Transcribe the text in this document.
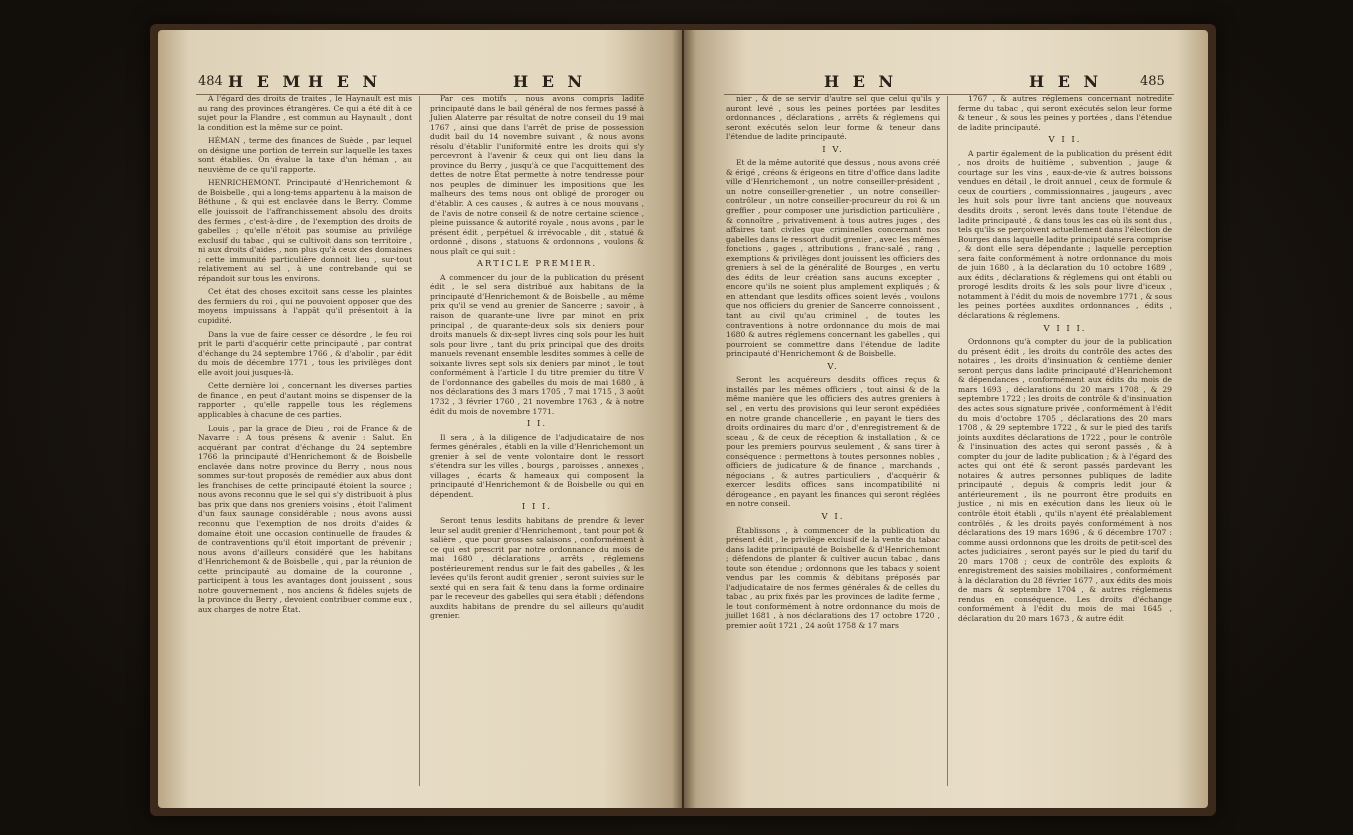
484 H E M H E N	H E N

A l'égard des droits de traites , le Haynault est mis au rang des provinces étrangères. Ce qui a été dit à ce sujet pour la Flandre , est commun au Haynault , dont la condition est la même sur ce point.

HÉMAN , terme des finances de Suède , par lequel on désigne une portion de terrein sur laquelle les taxes sont établies. On évalue la taxe d'un héman , au neuvième de ce qu'il rapporte.

HENRICHEMONT. Principauté d'Henrichemont & de Boisbelle , qui a long-tems appartenu à la maison de Béthune , & qui est enclavée dans le Berry. Comme elle jouissoit de l'affranchissement absolu des droits des fermes , c'est-à-dire , de l'exemption des droits de gabelles ; qu'elle n'étoit pas soumise au privilége exclusif du tabac , qui se cultivoit dans son territoire , ni aux droits d'aides , non plus qu'à ceux des domaines ; cette immunité particulière donnoit lieu , sur-tout relativement au sel , à une contrebande qui se répandoit sur tous les environs.

Cet état des choses excitoit sans cesse les plaintes des fermiers du roi , qui ne pouvoient opposer que des moyens impuissans à l'appât qu'il présentoit à la cupidité.

Dans la vue de faire cesser ce désordre , le feu roi prit le parti d'acquérir cette principauté , par contrat d'échange du 24 septembre 1766 , & d'abolir , par édit du mois de décembre 1771 , tous les privilèges dont elle avoit joui jusques-là.

Cette dernière loi , concernant les diverses parties de finance , en peut d'autant moins se dispenser de la rapporter , qu'elle rappelle tous les réglemens applicables à chacune de ces parties.

Louis , par la grace de Dieu , roi de France & de Navarre : A tous présens & avenir : Salut. En acquérant par contrat d'échange du 24 septembre 1766 la principauté d'Henrichemont & de Boisbelle enclavée dans notre province du Berry , nous nous sommes sur-tout proposés de remédier aux abus dont les franchises de cette principauté étoient la source ; nous avons reconnu que le sel qui s'y distribuoit à plus bas prix que dans nos greniers voisins , étoit l'aliment d'un faux saunage considérable ; nous avons aussi reconnu que l'exemption de nos droits d'aides & domaine étoit une occasion continuelle de fraudes & de contraventions qu'il étoit important de prévenir ; nous avons d'ailleurs considéré que les habitans d'Henrichemont & de Boisbelle , qui , par la réunion de cette principauté au domaine de la couronne , participent à tous les avantages dont jouissent , sous notre gouvernement , nos anciens & fidèles sujets de la province du Berry , devoient contribuer comme eux , aux charges de notre État.

Par ces motifs , nous avons compris ladite principauté dans le bail général de nos fermes passé à Julien Alaterre par résultat de notre conseil du 19 mai 1767 , ainsi que dans l'arrêt de prise de possession dudit bail du 14 novembre suivant , & nous avons résolu d'établir l'uniformité entre les droits qui s'y percevront à l'avenir & ceux qui ont lieu dans la province du Berry , jusqu'à ce que l'acquittement des dettes de notre État permette à notre tendresse pour nos peuples de diminuer les impositions que les malheurs des tems nous ont obligé de proroger ou d'établir. A ces causes , & autres à ce nous mouvans , de l'avis de notre conseil & de notre certaine science , pleine puissance & autorité royale , nous avons , par le présent édit , perpétuel & irrévocable , dit , statué & ordonné , disons , statuons & ordonnons , voulons & nous plaît ce qui suit :

ARTICLE PREMIER.

A commencer du jour de la publication du présent édit , le sel sera distribué aux habitans de la principauté d'Henrichemont & de Boisbelle , au même prix qu'il se vend au grenier de Sancerre ; savoir , à raison de quarante-une livre par minot en prix principal , de quarante-deux sols six deniers pour droits manuels & dix-sept livres cinq sols pour les huit sols pour livre , tant du prix principal que des droits manuels revenant ensemble lesdites sommes à celle de soixante livres sept sols six deniers par minot , le tout conformément à l'article I du titre premier du titre V de l'ordonnance des gabelles du mois de mai 1680 , à nos déclarations des 3 mars 1705 , 7 mai 1715 , 3 août 1732 , 3 février 1760 , 21 novembre 1763 , & à notre édit du mois de novembre 1771.

I I.

Il sera , à la diligence de l'adjudicataire de nos fermes générales , établi en la ville d'Henrichemont un grenier à sel de vente volontaire dont le ressort s'étendra sur les villes , bourgs , paroisses , annexes , villages , écarts & hameaux qui composent la principauté d'Henrichemont & de Boisbelle ou qui en dépendent.

I I I.

Seront tenus lesdits habitans de prendre & lever leur sel audit grenier d'Henrichemont , tant pour pot & salière , que pour grosses salaisons , conformément à ce qui est prescrit par notre ordonnance du mois de mai 1680 , déclarations , arrêts , réglemens postérieurement rendus sur le fait des gabelles , & les levées qu'ils feront audit grenier , seront suivies sur le sexté qui en sera fait & tenu dans la forme ordinaire par le receveur des gabelles qui sera établi ; défendons auxdits habitans de prendre du sel ailleurs qu'audit grenier.

H E N	H E N	485

nier , & de se servir d'autre sel que celui qu'ils y auront levé , sous les peines portées par lesdites ordonnances , déclarations , arrêts & réglemens qui seront exécutés selon leur forme & teneur dans l'étendue de ladite principauté.

I V.

Et de la même autorité que dessus , nous avons créé & érigé , créons & érigeons en titre d'office dans ladite ville d'Henrichemont , un notre conseiller-président , un notre conseiller-grenetier , un notre conseiller-contrôleur , un notre conseiller-procureur du roi & un greffier , pour composer une jurisdiction particulière , & connoître , privativement à tous autres juges , des affaires tant civiles que criminelles concernant nos gabelles dans le ressort dudit grenier , avec les mêmes fonctions , gages , attributions , franc-salé , rang , exemptions & privilèges dont jouissent les officiers des greniers à sel de la généralité de Bourges , en vertu des édits de leur création sans aucuns excepter , encore qu'ils ne soient plus amplement expliqués ; & en attendant que lesdits offices soient levés , voulons que nos officiers du grenier de Sancerre connoissent , tant au civil qu'au criminel , de toutes les contraventions à notre ordonnance du mois de mai 1680 & autres réglemens concernant les gabelles , qui pourroient se commettre dans l'étendue de ladite principauté d'Henrichemont & de Boisbelle.

V.

Seront les acquéreurs desdits offices reçus & installés par les mêmes officiers , tout ainsi & de la même manière que les officiers des autres greniers à sel , en vertu des provisions qui leur seront expédiées en notre grande chancellerie , en payant le tiers des droits ordinaires du marc d'or , d'enregistrement & de sceau , & de ceux de réception & installation , & ce pour les premiers pourvus seulement , & sans tirer à conséquence : permettons à toutes personnes nobles , officiers de judicature & de finance , marchands , négocians , & autres particuliers , d'acquérir & exercer lesdits offices sans incompatibilité ni dérogeance , en payant les finances qui seront réglées en notre conseil.

V I.

Établissons , à commencer de la publication du présent édit , le privilège exclusif de la vente du tabac dans ladite principauté de Boisbelle & d'Henrichemont ; défendons de planter & cultiver aucun tabac , dans toute son étendue ; ordonnons que les tabacs y soient vendus par les commis & débitans préposés par l'adjudicataire de nos fermes générales & de celles du tabac , au prix fixés par les provinces de ladite ferme , le tout conformément à notre ordonnance du mois de juillet 1681 , à nos déclarations des 17 octobre 1720 , premier août 1721 , 24 août 1758 & 17 mars

1767 , & autres réglemens concernant notredite ferme du tabac , qui seront exécutés selon leur forme & teneur , & sous les peines y portées , dans l'étendue de ladite principauté.

V I I.

A partir également de la publication du présent édit , nos droits de huitième , subvention , jauge & courtage sur les vins , eaux-de-vie & autres boissons vendues en détail , le droit annuel , ceux de formule & ceux de courtiers , commissionnaires , jaugeurs , avec les huit sols pour livre tant anciens que nouveaux desdits droits , seront levés dans toute l'étendue de ladite principauté , & dans tous les cas où ils sont dus , tels qu'ils se perçoivent actuellement dans l'élection de Bourges dans laquelle ladite principauté sera comprise , & dont elle sera dépendante ; laquelle perception sera faite conformément à notre ordonnance du mois de juin 1680 , à la déclaration du 10 octobre 1689 , aux édits , déclarations & réglemens qui ont établi ou prorogé lesdits droits & les sols pour livre d'iceux , notamment à l'édit du mois de novembre 1771 , & sous les peines portées auxdites ordonnances , édits , déclarations & réglemens.

V I I I.

Ordonnons qu'à compter du jour de la publication du présent édit , les droits du contrôle des actes des notaires , les droits d'insinuation & centième denier seront perçus dans ladite principauté d'Henrichemont & dépendances , conformément aux édits du mois de mars 1693 , déclarations du 20 mars 1708 , & 29 septembre 1722 ; les droits de contrôle & d'insinuation des actes sous signature privée , conformément à l'édit du mois d'octobre 1705 , déclarations des 20 mars 1708 , & 29 septembre 1722 , & sur le pied des tarifs joints auxdites déclarations de 1722 , pour le contrôle & l'insinuation des actes qui seront passés , & à compter du jour de ladite publication ; & à l'égard des actes qui ont été & seront passés pardevant les notaires & autres personnes publiques de ladite principauté , depuis & compris ledit jour & antérieurement , ils ne pourront être produits en justice , ni mis en exécution dans les lieux où le contrôle étoit établi , qu'ils n'ayent été préalablement contrôlés , & les droits payés conformément à nos déclarations des 19 mars 1696 , & 6 décembre 1707 : comme aussi ordonnons que les droits de petit-scel des actes judiciaires , seront payés sur le pied du tarif du 20 mars 1708 ; ceux de contrôle des exploits & enregistrement des saisies mobiliaires , conformément à la déclaration du 28 février 1677 , aux édits des mois de mars & septembre 1704 , & autres réglemens rendus en conséquence. Les droits d'échange conformément à l'édit du mois de mai 1645 , déclaration du 20 mars 1673 , & autre édit
